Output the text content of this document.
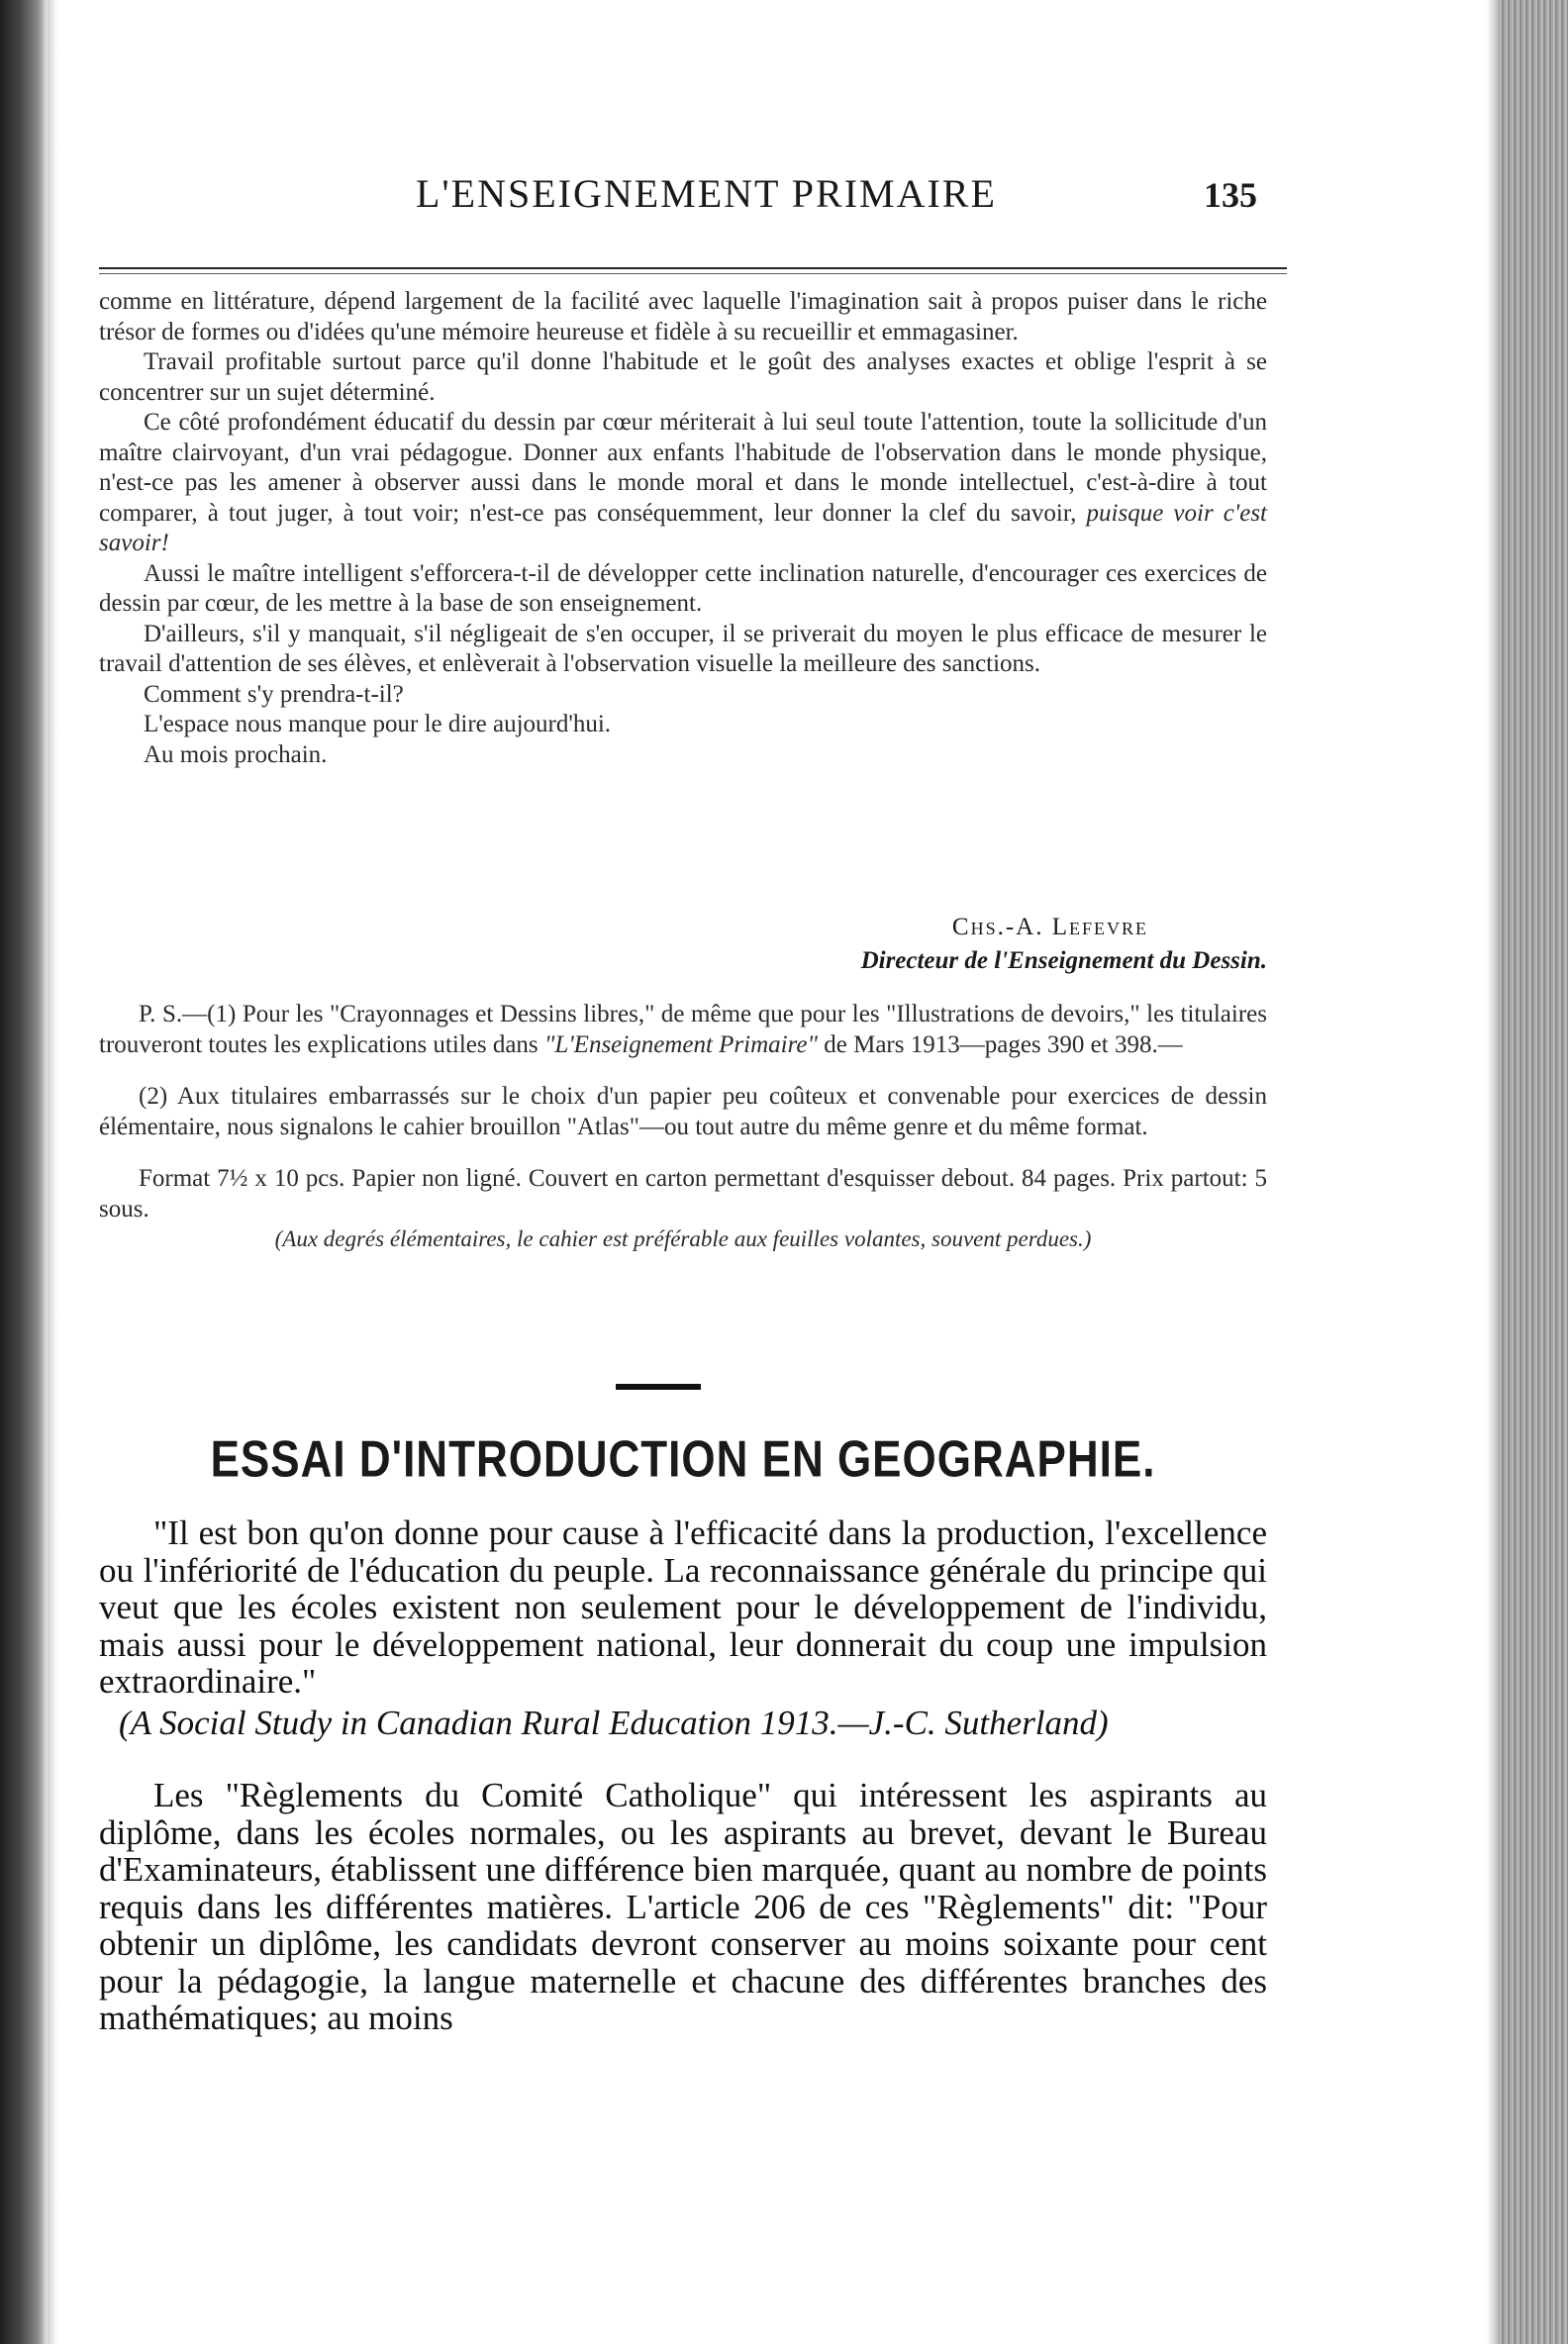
L'ENSEIGNEMENT PRIMAIRE	135

comme en littérature, dépend largement de la facilité avec laquelle l'imagination sait à propos puiser dans le riche trésor de formes ou d'idées qu'une mémoire heureuse et fidèle à su recueillir et emmagasiner.

Travail profitable surtout parce qu'il donne l'habitude et le goût des analyses exactes et oblige l'esprit à se concentrer sur un sujet déterminé.

Ce côté profondément éducatif du dessin par cœur mériterait à lui seul toute l'attention, toute la sollicitude d'un maître clairvoyant, d'un vrai pédagogue. Donner aux enfants l'habitude de l'observation dans le monde physique, n'est-ce pas les amener à observer aussi dans le monde moral et dans le monde intellectuel, c'est-à-dire à tout comparer, à tout juger, à tout voir; n'est-ce pas conséquemment, leur donner la clef du savoir, puisque voir c'est savoir!

Aussi le maître intelligent s'efforcera-t-il de développer cette inclination naturelle, d'encourager ces exercices de dessin par cœur, de les mettre à la base de son enseignement.

D'ailleurs, s'il y manquait, s'il négligeait de s'en occuper, il se priverait du moyen le plus efficace de mesurer le travail d'attention de ses élèves, et enlèverait à l'observation visuelle la meilleure des sanctions.

Comment s'y prendra-t-il?

L'espace nous manque pour le dire aujourd'hui.

Au mois prochain.

Chs.-A. Lefevre
Directeur de l'Enseignement du Dessin.

P. S.—(1) Pour les "Crayonnages et Dessins libres," de même que pour les "Illustrations de devoirs," les titulaires trouveront toutes les explications utiles dans "L'Enseignement Primaire" de Mars 1913—pages 390 et 398.—

(2) Aux titulaires embarrassés sur le choix d'un papier peu coûteux et convenable pour exercices de dessin élémentaire, nous signalons le cahier brouillon "Atlas"—ou tout autre du même genre et du même format.

Format 7½ x 10 pcs. Papier non ligné. Couvert en carton permettant d'esquisser debout. 84 pages. Prix partout: 5 sous.

(Aux degrés élémentaires, le cahier est préférable aux feuilles volantes, souvent perdues.)

ESSAI D'INTRODUCTION EN GEOGRAPHIE.

"Il est bon qu'on donne pour cause à l'efficacité dans la production, l'excellence ou l'infériorité de l'éducation du peuple. La reconnaissance générale du principe qui veut que les écoles existent non seulement pour le développement de l'individu, mais aussi pour le développement national, leur donnerait du coup une impulsion extraordinaire."

(A Social Study in Canadian Rural Education 1913.—J.-C. Sutherland)

Les "Règlements du Comité Catholique" qui intéressent les aspirants au diplôme, dans les écoles normales, ou les aspirants au brevet, devant le Bureau d'Examinateurs, établissent une différence bien marquée, quant au nombre de points requis dans les différentes matières. L'article 206 de ces "Règlements" dit: "Pour obtenir un diplôme, les candidats devront conserver au moins soixante pour cent pour la pédagogie, la langue maternelle et chacune des différentes branches des mathématiques; au moins
